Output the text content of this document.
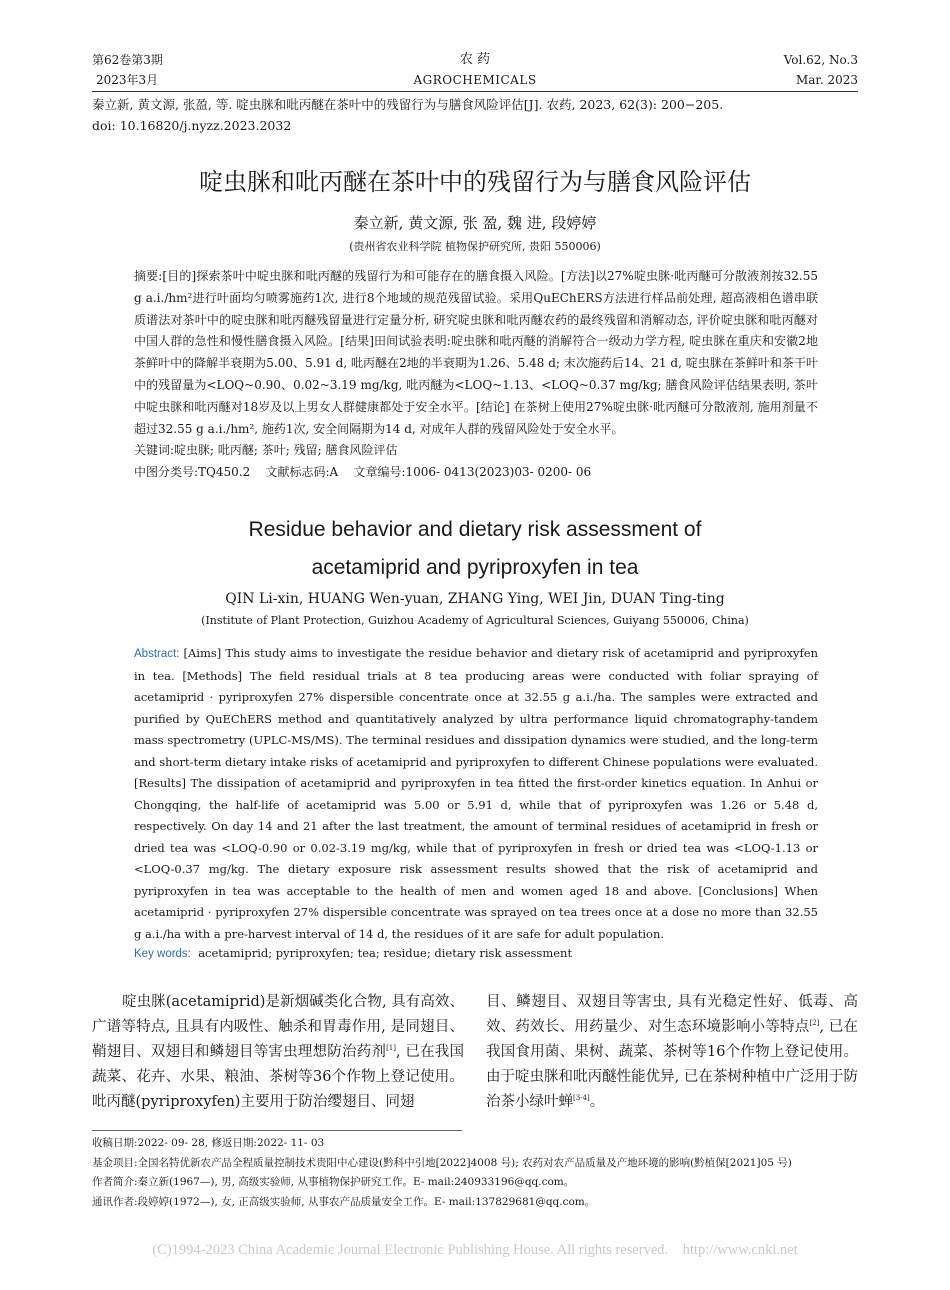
第62卷第3期
2023年3月
农 药
AGROCHEMICALS
Vol.62, No.3
Mar. 2023
秦立新, 黄文源, 张盈, 等. 啶虫脒和吡丙醚在茶叶中的残留行为与膳食风险评估[J]. 农药, 2023, 62(3): 200−205.
doi: 10.16820/j.nyzz.2023.2032
啶虫脒和吡丙醚在茶叶中的残留行为与膳食风险评估
秦立新, 黄文源, 张 盈, 魏 进, 段婷婷
(贵州省农业科学院 植物保护研究所, 贵阳 550006)

摘要:[目的]探索茶叶中啶虫脒和吡丙醚的残留行为和可能存在的膳食摄入风险。[方法]以27%啶虫脒·吡丙醚可分散液剂按32.55 g a.i./hm²进行叶面均匀喷雾施药1次, 进行8个地域的规范残留试验。采用QuEChERS方法进行样品前处理, 超高液相色谱串联质谱法对茶叶中的啶虫脒和吡丙醚残留量进行定量分析, 研究啶虫脒和吡丙醚农药的最终残留和消解动态, 评价啶虫脒和吡丙醚对中国人群的急性和慢性膳食摄入风险。[结果]田间试验表明:啶虫脒和吡丙醚的消解符合一级动力学方程, 啶虫脒在重庆和安徽2地茶鲜叶中的降解半衰期为5.00、5.91 d, 吡丙醚在2地的半衰期为1.26、5.48 d; 末次施药后14、21 d, 啶虫脒在茶鲜叶和茶干叶中的残留量为<LOQ~0.90、0.02~3.19 mg/kg, 吡丙醚为<LOQ~1.13、<LOQ~0.37 mg/kg; 膳食风险评估结果表明, 茶叶中啶虫脒和吡丙醚对18岁及以上男女人群健康都处于安全水平。[结论] 在茶树上使用27%啶虫脒·吡丙醚可分散液剂, 施用剂量不超过32.55 g a.i./hm², 施药1次, 安全间隔期为14 d, 对成年人群的残留风险处于安全水平。

关键词:啶虫脒; 吡丙醚; 茶叶; 残留; 膳食风险评估

中图分类号:TQ450.2    文献标志码:A    文章编号:1006- 0413(2023)03- 0200- 06

Residue behavior and dietary risk assessment of
acetamiprid and pyriproxyfen in tea
QIN Li-xin, HUANG Wen-yuan, ZHANG Ying, WEI Jin, DUAN Ting-ting
(Institute of Plant Protection, Guizhou Academy of Agricultural Sciences, Guiyang 550006, China)
Abstract: [Aims] This study aims to investigate the residue behavior and dietary risk of acetamiprid and pyriproxyfen in tea. [Methods] The field residual trials at 8 tea producing areas were conducted with foliar spraying of acetamiprid · pyriproxyfen 27% dispersible concentrate once at 32.55 g a.i./ha. The samples were extracted and purified by QuEChERS method and quantitatively analyzed by ultra performance liquid chromatography-tandem mass spectrometry (UPLC-MS/MS). The terminal residues and dissipation dynamics were studied, and the long-term and short-term dietary intake risks of acetamiprid and pyriproxyfen to different Chinese populations were evaluated. [Results] The dissipation of acetamiprid and pyriproxyfen in tea fitted the first-order kinetics equation. In Anhui or Chongqing, the half-life of acetamiprid was 5.00 or 5.91 d, while that of pyriproxyfen was 1.26 or 5.48 d, respectively. On day 14 and 21 after the last treatment, the amount of terminal residues of acetamiprid in fresh or dried tea was <LOQ-0.90 or 0.02-3.19 mg/kg, while that of pyriproxyfen in fresh or dried tea was <LOQ-1.13 or <LOQ-0.37 mg/kg. The dietary exposure risk assessment results showed that the risk of acetamiprid and pyriproxyfen in tea was acceptable to the health of men and women aged 18 and above. [Conclusions] When acetamiprid · pyriproxyfen 27% dispersible concentrate was sprayed on tea trees once at a dose no more than 32.55 g a.i./ha with a pre-harvest interval of 14 d, the residues of it are safe for adult population.
Key words:  acetamiprid; pyriproxyfen; tea; residue; dietary risk assessment

啶虫脒(acetamiprid)是新烟碱类化合物, 具有高效、广谱等特点, 且具有内吸性、触杀和胃毒作用, 是同翅目、鞘翅目、双翅目和鳞翅目等害虫理想防治药剂[1], 已在我国蔬菜、花卉、水果、粮油、茶树等36个作物上登记使用。吡丙醚(pyriproxyfen)主要用于防治缨翅目、同翅

目、鳞翅目、双翅目等害虫, 具有光稳定性好、低毒、高效、药效长、用药量少、对生态环境影响小等特点[2], 已在我国食用菌、果树、蔬菜、茶树等16个作物上登记使用。由于啶虫脒和吡丙醚性能优异, 已在茶树种植中广泛用于防治茶小绿叶蝉[3-4]。

收稿日期:2022- 09- 28, 修返日期:2022- 11- 03
基金项目:全国名特优新农产品全程质量控制技术贵阳中心建设(黔科中引地[2022]4008 号); 农药对农产品质量及产地环境的影响(黔植保[2021]05 号)
作者简介:秦立新(1967—), 男, 高级实验师, 从事植物保护研究工作。E- mail:240933196@qq.com。
通讯作者:段婷婷(1972—), 女, 正高级实验师, 从事农产品质量安全工作。E- mail:137829681@qq.com。
(C)1994-2023 China Academic Journal Electronic Publishing House. All rights reserved.    http://www.cnki.net
